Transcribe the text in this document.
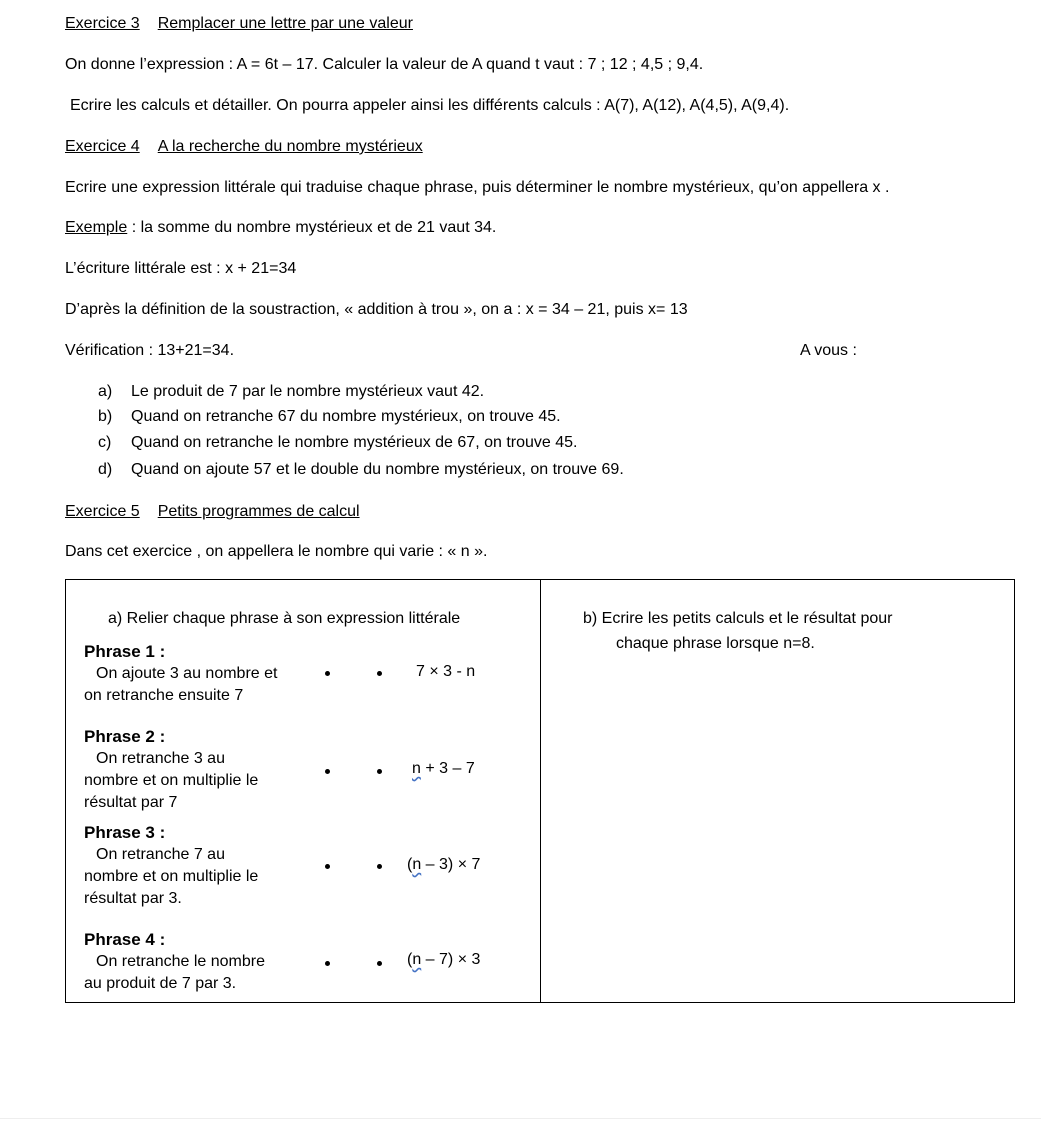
Exercice 3 Remplacer une lettre par une valeur
On donne l’expression : A = 6t – 17. Calculer la valeur de A quand t vaut : 7 ; 12 ; 4,5 ; 9,4.
Ecrire les calculs et détailler. On pourra appeler ainsi les différents calculs : A(7), A(12), A(4,5), A(9,4).
Exercice 4 A la recherche du nombre mystérieux
Ecrire une expression littérale qui traduise chaque phrase, puis déterminer le nombre mystérieux, qu’on appellera x .
Exemple : la somme du nombre mystérieux et de 21 vaut 34.
L’écriture littérale est : x + 21=34
D’après la définition de la soustraction, « addition à trou », on a : x = 34 – 21, puis x= 13
Vérification : 13+21=34.	A vous :
a) Le produit de 7 par le nombre mystérieux vaut 42.
b) Quand on retranche 67 du nombre mystérieux, on trouve 45.
c) Quand on retranche le nombre mystérieux de 67, on trouve 45.
d) Quand on ajoute 57 et le double du nombre mystérieux, on trouve 69.
Exercice 5 Petits programmes de calcul
Dans cet exercice , on appellera le nombre qui varie : « n ».
a) Relier chaque phrase à son expression littérale
Phrase 1 :
On ajoute 3 au nombre et
on retranche ensuite 7
7 × 3 - n
Phrase 2 :
On retranche 3 au
nombre et on multiplie le
résultat par 7
n + 3 – 7
Phrase 3 :
On retranche 7 au
nombre et on multiplie le
résultat par 3.
(n – 3) × 7
Phrase 4 :
On retranche le nombre
au produit de 7 par 3.
(n – 7) × 3
b) Ecrire les petits calculs et le résultat pour
chaque phrase lorsque n=8.
